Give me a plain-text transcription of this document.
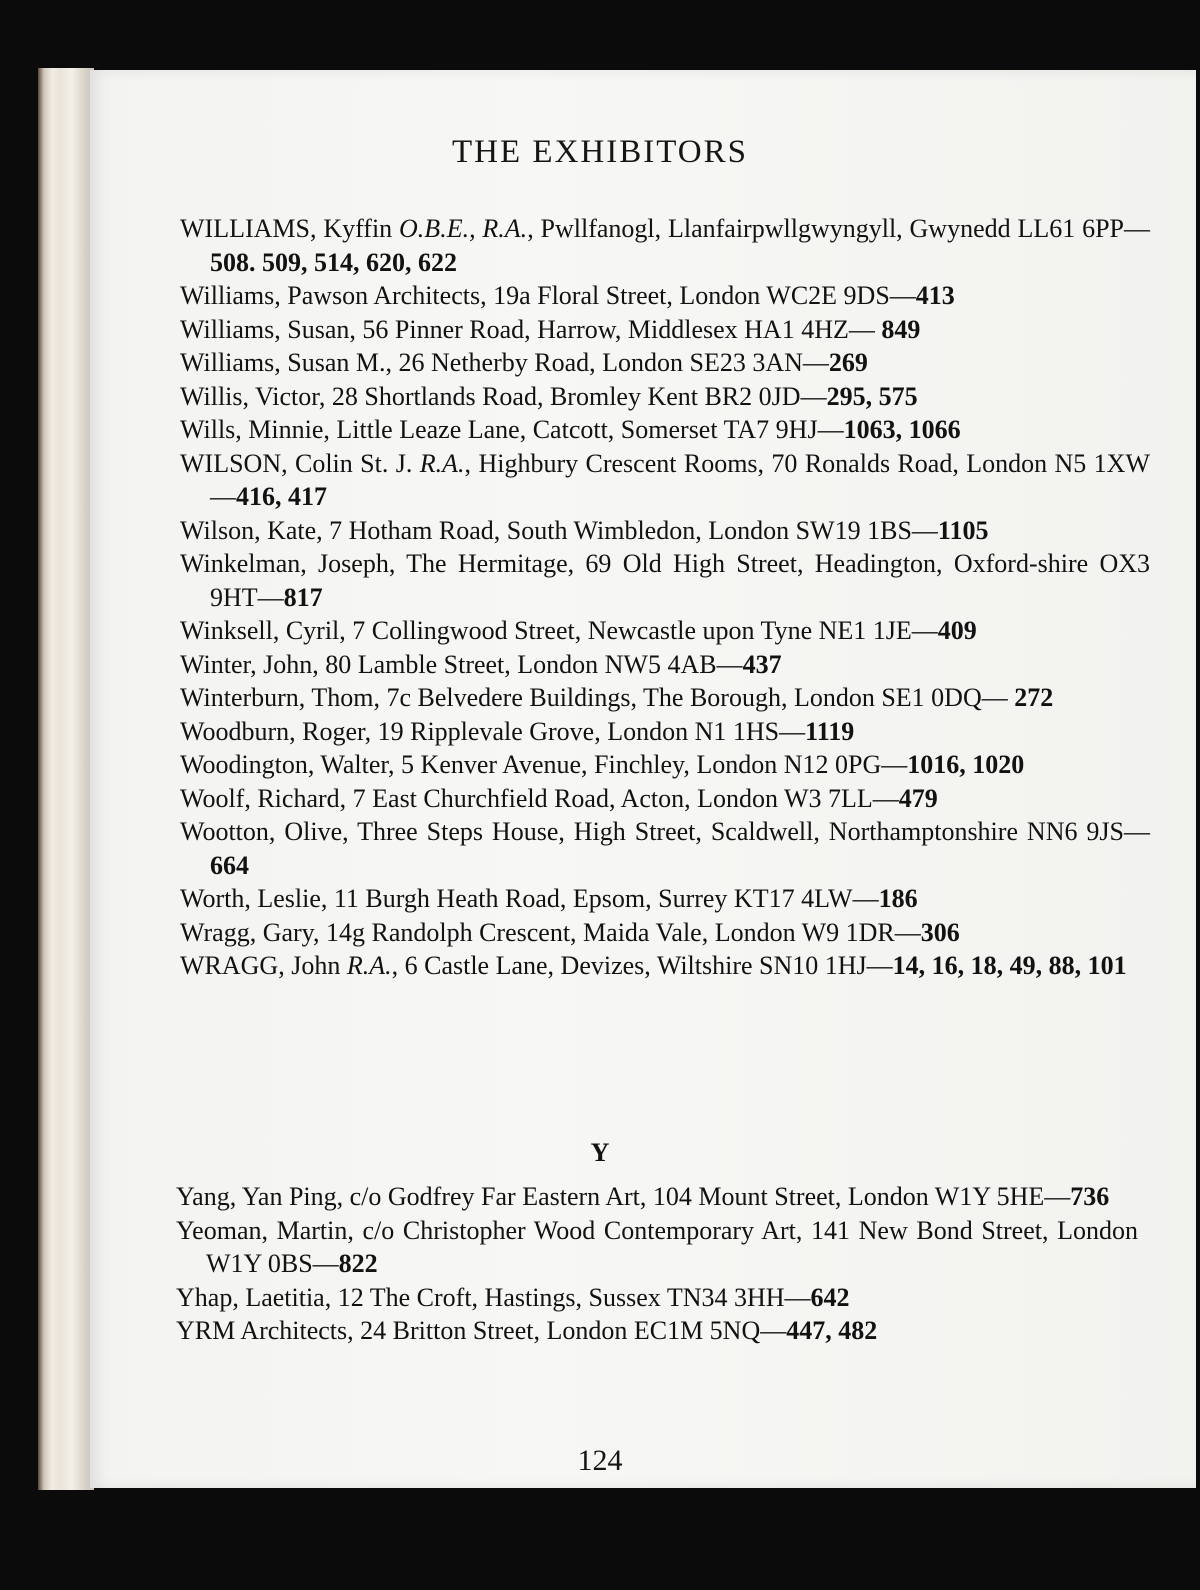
THE EXHIBITORS
WILLIAMS, Kyffin O.B.E., R.A., Pwllfanogl, Llanfairpwllgwyngyll, Gwynedd LL61 6PP—508. 509, 514, 620, 622
Williams, Pawson Architects, 19a Floral Street, London WC2E 9DS—413
Williams, Susan, 56 Pinner Road, Harrow, Middlesex HA1 4HZ— 849
Williams, Susan M., 26 Netherby Road, London SE23 3AN—269
Willis, Victor, 28 Shortlands Road, Bromley Kent BR2 0JD—295, 575
Wills, Minnie, Little Leaze Lane, Catcott, Somerset TA7 9HJ—1063, 1066
WILSON, Colin St. J. R.A., Highbury Crescent Rooms, 70 Ronalds Road, London N5 1XW—416, 417
Wilson, Kate, 7 Hotham Road, South Wimbledon, London SW19 1BS—1105
Winkelman, Joseph, The Hermitage, 69 Old High Street, Headington, Oxford-shire OX3 9HT—817
Winksell, Cyril, 7 Collingwood Street, Newcastle upon Tyne NE1 1JE—409
Winter, John, 80 Lamble Street, London NW5 4AB—437
Winterburn, Thom, 7c Belvedere Buildings, The Borough, London SE1 0DQ— 272
Woodburn, Roger, 19 Ripplevale Grove, London N1 1HS—1119
Woodington, Walter, 5 Kenver Avenue, Finchley, London N12 0PG—1016, 1020
Woolf, Richard, 7 East Churchfield Road, Acton, London W3 7LL—479
Wootton, Olive, Three Steps House, High Street, Scaldwell, Northamptonshire NN6 9JS—664
Worth, Leslie, 11 Burgh Heath Road, Epsom, Surrey KT17 4LW—186
Wragg, Gary, 14g Randolph Crescent, Maida Vale, London W9 1DR—306
WRAGG, John R.A., 6 Castle Lane, Devizes, Wiltshire SN10 1HJ—14, 16, 18, 49, 88, 101
Y
Yang, Yan Ping, c/o Godfrey Far Eastern Art, 104 Mount Street, London W1Y 5HE—736
Yeoman, Martin, c/o Christopher Wood Contemporary Art, 141 New Bond Street, London W1Y 0BS—822
Yhap, Laetitia, 12 The Croft, Hastings, Sussex TN34 3HH—642
YRM Architects, 24 Britton Street, London EC1M 5NQ—447, 482
124
